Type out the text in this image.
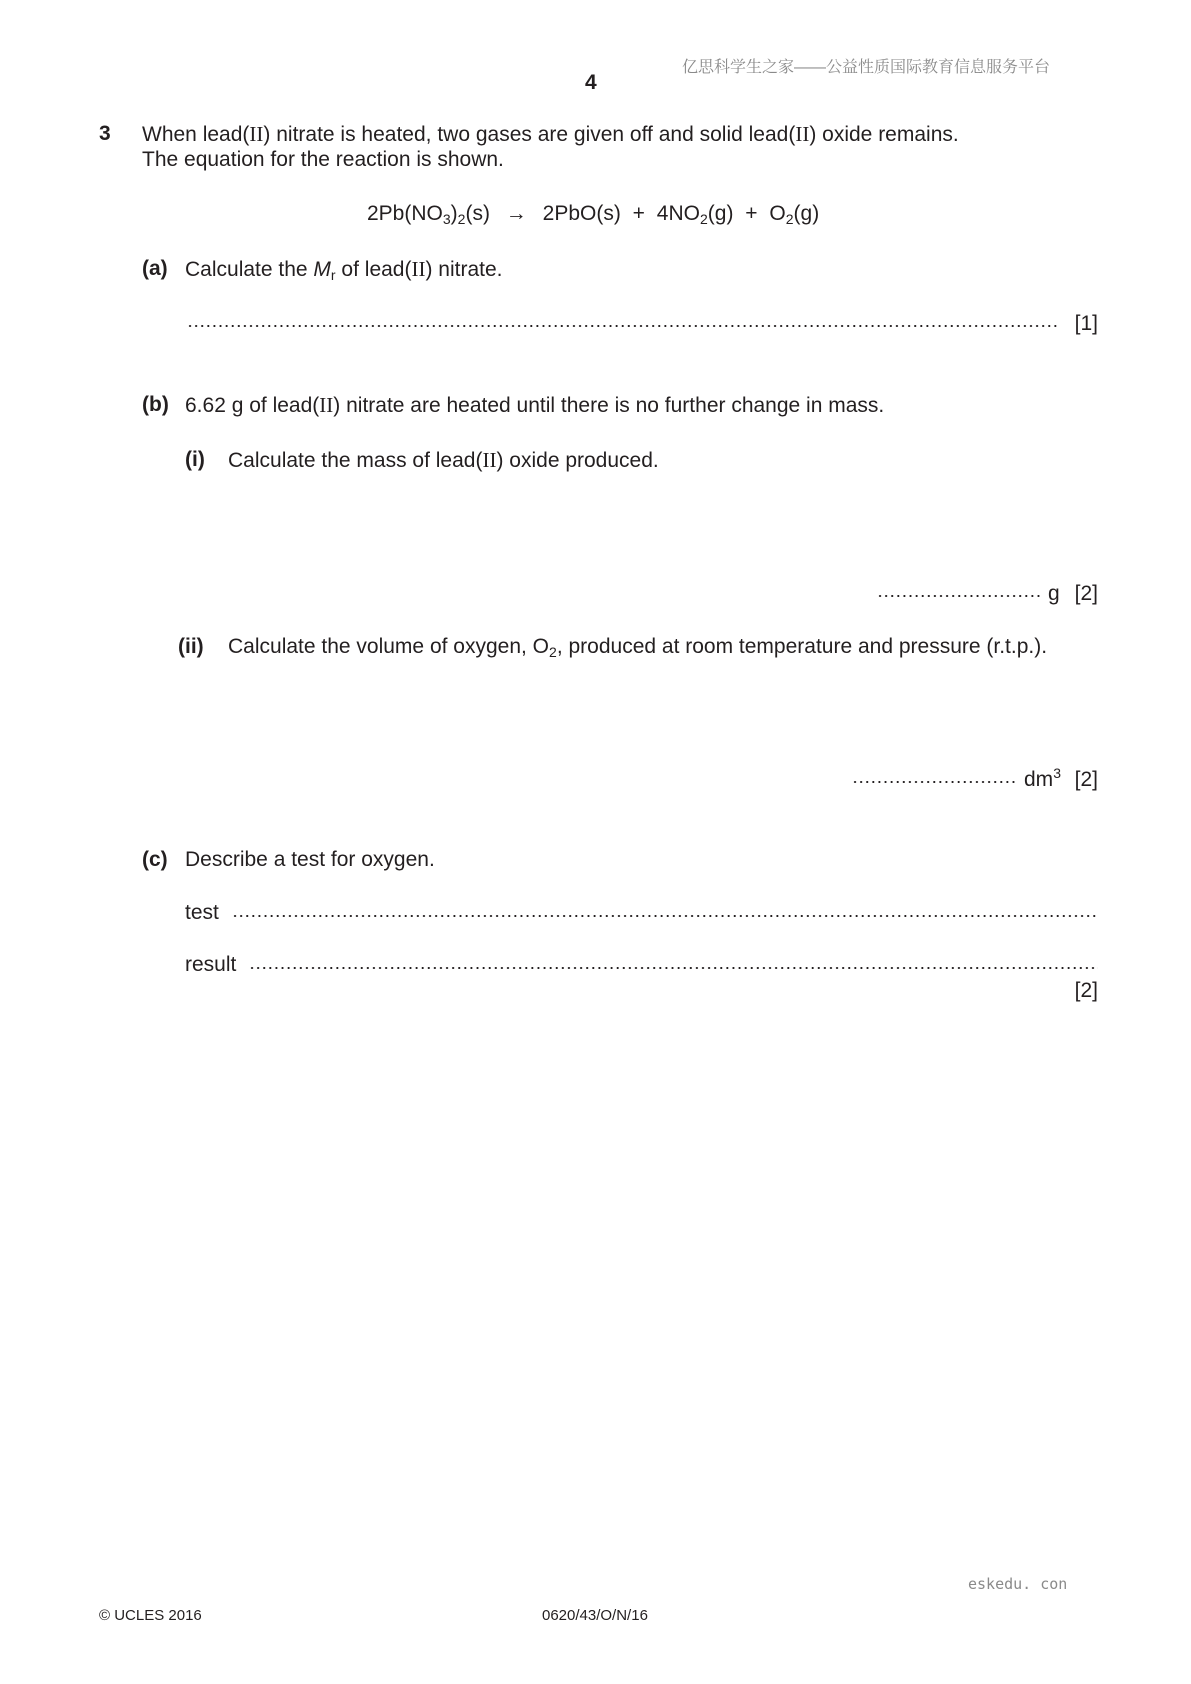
亿思科学生之家——公益性质国际教育信息服务平台
4
3 When lead(II) nitrate is heated, two gases are given off and solid lead(II) oxide remains.
The equation for the reaction is shown.
$2Pb(NO_3)_2(s) \to 2PbO(s) + 4NO_2(g) + O_2(g)$
(a) Calculate the $M_r$ of lead(II) nitrate.
[1]
(b) 6.62 g of lead(II) nitrate are heated until there is no further change in mass.
(i) Calculate the mass of lead(II) oxide produced.
g [2]
(ii) Calculate the volume of oxygen, $O_2$, produced at room temperature and pressure (r.t.p.).
$dm^3$ [2]
(c) Describe a test for oxygen.
test
result
[2]
eskedu. con
© UCLES 2016	0620/43/O/N/16
